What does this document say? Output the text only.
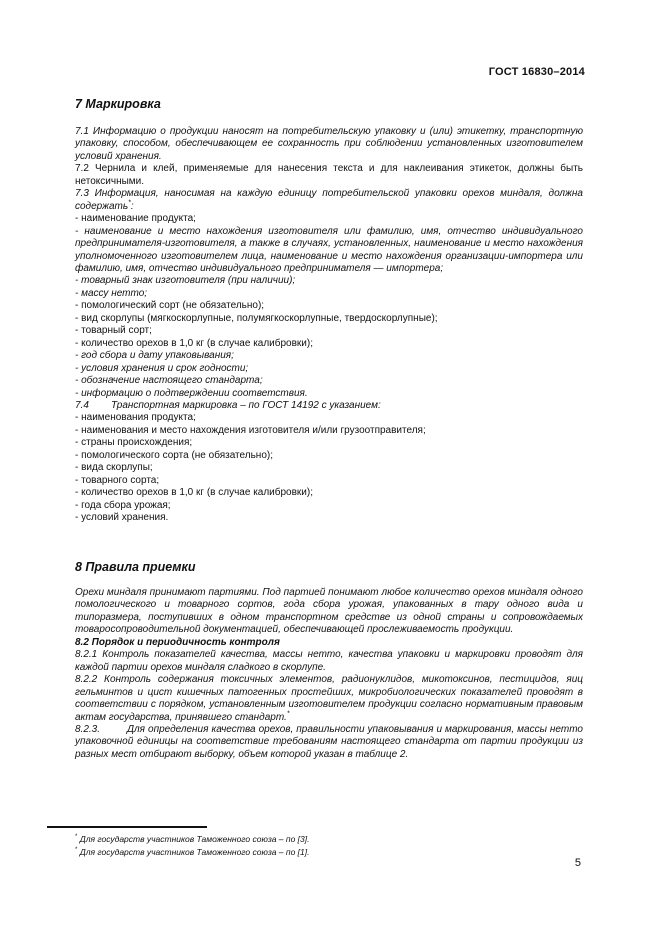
ГОСТ 16830–2014
7 Маркировка

7.1 Информацию о продукции наносят на потребительскую упаковку и (или) этикетку, транспортную упаковку, способом, обеспечивающем ее сохранность при соблюдении установленных изготовителем условий хранения.

7.2 Чернила и клей, применяемые для нанесения текста и для наклеивания этикеток, должны быть нетоксичными.

7.3 Информация, наносимая на каждую единицу потребительской упаковки орехов миндаля, должна содержать*:

- наименование продукта;

- наименование и место нахождения изготовителя или фамилию, имя, отчество индивидуального предпринимателя-изготовителя, а также в случаях, установленных, наименование и место нахождения уполномоченного изготовителем лица, наименование и место нахождения организации-импортера или фамилию, имя, отчество индивидуального предпринимателя — импортера;

- товарный знак изготовителя (при наличии);

- массу нетто;

- помологический сорт (не обязательно);

- вид скорлупы (мягкоскорлупные, полумягкоскорлупные, твердоскорлупные);

- товарный сорт;

- количество орехов в 1,0 кг (в случае калибровки);

- год сбора и дату упаковывания;

- условия хранения и срок годности;

- обозначение настоящего стандарта;

- информацию о подтверждении соответствия.

7.4 Транспортная маркировка – по ГОСТ 14192 с указанием:

- наименования продукта;

- наименования и место нахождения изготовителя и/или грузоотправителя;

- страны происхождения;

- помологического сорта (не обязательно);

- вида скорлупы;

- товарного сорта;

- количество орехов в 1,0 кг (в случае калибровки);

- года сбора урожая;

- условий хранения.

8 Правила приемки

Орехи миндаля принимают партиями. Под партией понимают любое количество орехов миндаля одного помологического и товарного сортов, года сбора урожая, упакованных в тару одного вида и типоразмера, поступивших в одном транспортном средстве из одной страны и сопровождаемых товаросопроводительной документацией, обеспечивающей прослеживаемость продукции.

8.2 Порядок и периодичность контроля

8.2.1 Контроль показателей качества, массы нетто, качества упаковки и маркировки проводят для каждой партии орехов миндаля сладкого в скорлупе.

8.2.2 Контроль содержания токсичных элементов, радионуклидов, микотоксинов, пестицидов, яиц гельминтов и цист кишечных патогенных простейших, микробиологических показателей проводят в соответствии с порядком, установленным изготовителем продукции согласно нормативным правовым актам государства, принявшего стандарт.*

8.2.3.	Для определения качества орехов, правильности упаковывания и маркирования, массы нетто упаковочной единицы на соответствие требованиям настоящего стандарта от партии продукции из разных мест отбирают выборку, объем которой указан в таблице 2.

* Для государств участников Таможенного союза – по [3].

* Для государств участников Таможенного союза – по [1].

5
